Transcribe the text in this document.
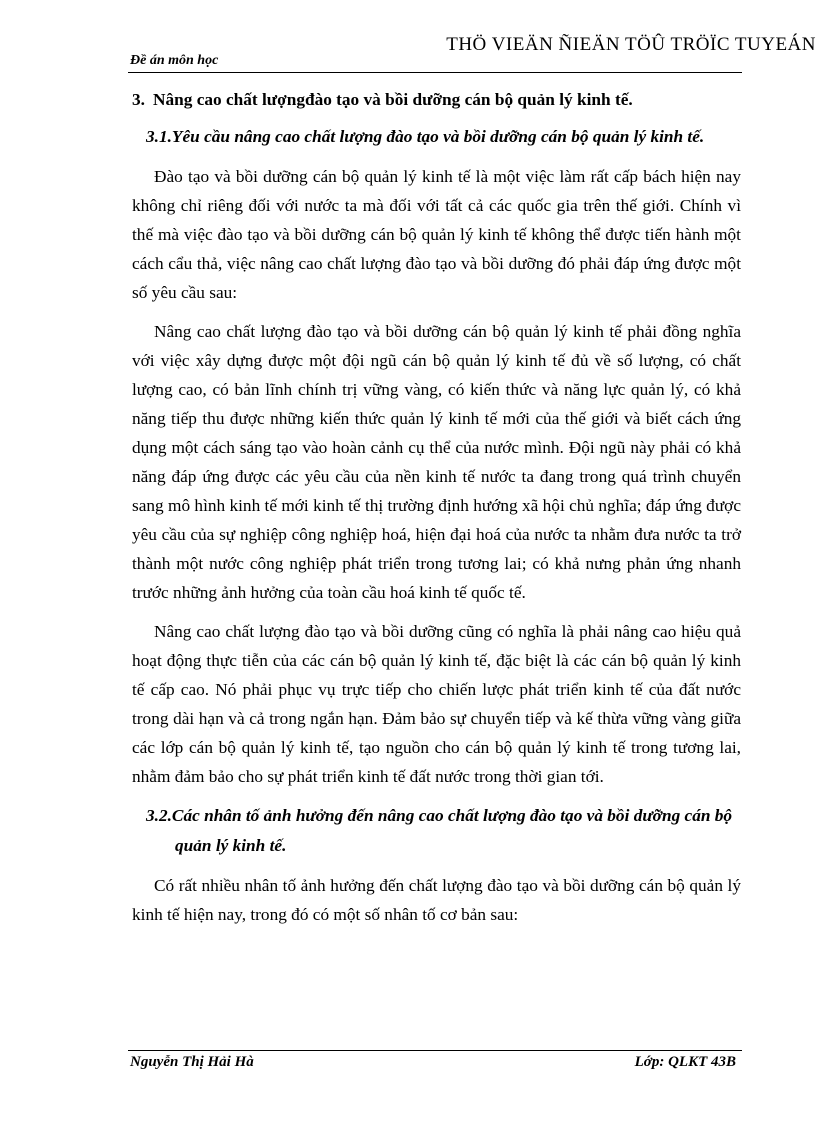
THÖ VIEÄN ÑIEÄN TÖÛ TRÖÏC TUYEÁN
Đề án môn học
3. Nâng cao chất lượngđào tạo và bồi dưỡng cán bộ quản lý kinh tế.
3.1.Yêu cầu nâng cao chất lượng đào tạo và bồi dưỡng cán bộ quản lý kinh tế.

Đào tạo và bồi dưỡng cán bộ quản lý kinh tế là một việc làm rất cấp bách hiện nay không chỉ riêng đối với nước ta mà đối với tất cả các quốc gia trên thế giới. Chính vì thế mà việc đào tạo và bồi dưỡng cán bộ quản lý kinh tế không thể được tiến hành một cách cẩu thả, việc nâng cao chất lượng đào tạo và bồi dưỡng đó phải đáp ứng được một số yêu cầu sau:

Nâng cao chất lượng đào tạo và bồi dưỡng cán bộ quản lý kinh tế phải đồng nghĩa với việc xây dựng được một đội ngũ cán bộ quản lý kinh tế đủ về số lượng, có chất lượng cao, có bản lĩnh chính trị vững vàng, có kiến thức và năng lực quản lý, có khả năng tiếp thu được những kiến thức quản lý kinh tế mới của thế giới và biết cách ứng dụng một cách sáng tạo vào hoàn cảnh cụ thể của nước mình. Đội ngũ này phải có khả năng đáp ứng được các yêu cầu của nền kinh tế nước ta đang trong quá trình chuyển sang mô hình kinh tế mới kinh tế thị trường định hướng xã hội chủ nghĩa; đáp ứng được yêu cầu của sự nghiệp công nghiệp hoá, hiện đại hoá của nước ta nhằm đưa nước ta trở thành một nước công nghiệp phát triển trong tương lai; có khả nưng phản ứng nhanh trước những ảnh hưởng của toàn cầu hoá kinh tế quốc tế.

Nâng cao chất lượng đào tạo và bồi dưỡng cũng có nghĩa là phải nâng cao hiệu quả hoạt động thực tiễn của các cán bộ quản lý kinh tế, đặc biệt là các cán bộ quản lý kinh tế cấp cao. Nó phải phục vụ trực tiếp cho chiến lược phát triển kinh tế của đất nước trong dài hạn và cả trong ngắn hạn. Đảm bảo sự chuyển tiếp và kế thừa vững vàng giữa các lớp cán bộ quản lý kinh tế, tạo nguồn cho cán bộ quản lý kinh tế trong tương lai, nhằm đảm bảo cho sự phát triển kinh tế đất nước trong thời gian tới.

3.2.Các nhân tố ảnh hưởng đến nâng cao chất lượng đào tạo và bồi dưỡng cán bộ quản lý kinh tế.

Có rất nhiều nhân tố ảnh hưởng đến chất lượng đào tạo và bồi dưỡng cán bộ quản lý kinh tế hiện nay, trong đó có một số nhân tố cơ bản sau:

Nguyễn Thị Hải Hà	Lớp: QLKT 43B
